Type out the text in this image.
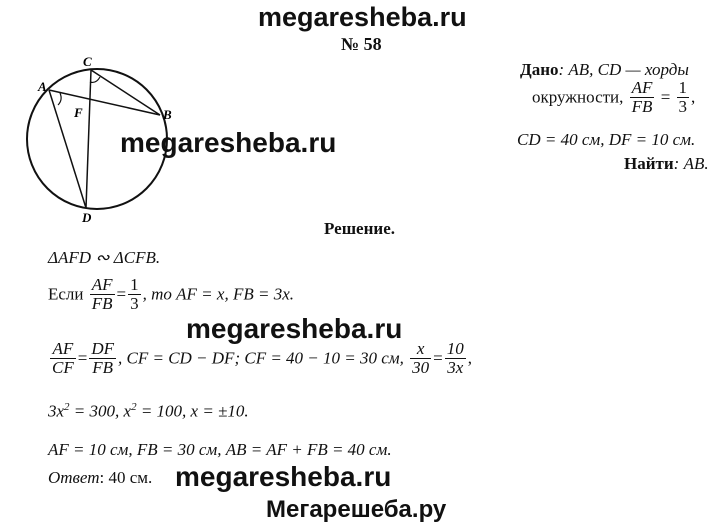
megaresheba.ru
№ 58
A
C
B
F
D
megaresheba.ru
Дано: AB, CD — хорды
окружности, $\frac{AF}{FB} = \frac{1}{3}$ ,
CD = 40 см, DF = 10 см.
Найти: AB.
Решение.
ΔAFD ∾ ΔCFB.
Если $\frac{AF}{FB} = \frac{1}{3}$ , то AF = x, FB = 3x.
megaresheba.ru
$\frac{AF}{CF} = \frac{DF}{FB}$ , CF = CD − DF; CF = 40 − 10 = 30 см, $\frac{x}{30} = \frac{10}{3x}$ ,
$3x^2 = 300$, $x^2 = 100$, x = ±10.
AF = 10 см, FB = 30 см, AB = AF + FB = 40 см.
Ответ: 40 см. megaresheba.ru
Мегарешеба.ру
